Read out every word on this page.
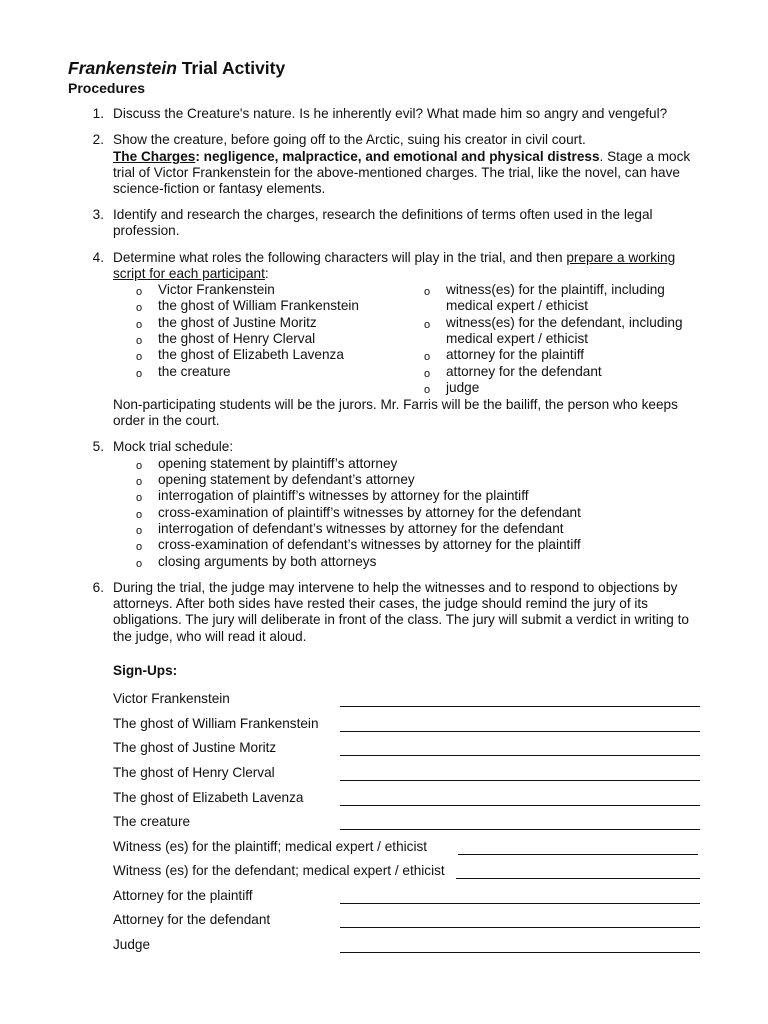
Frankenstein Trial Activity
Procedures
1. Discuss the Creature's nature. Is he inherently evil? What made him so angry and vengeful?
2. Show the creature, before going off to the Arctic, suing his creator in civil court.
The Charges: negligence, malpractice, and emotional and physical distress. Stage a mock
trial of Victor Frankenstein for the above-mentioned charges. The trial, like the novel, can have
science-fiction or fantasy elements.
3. Identify and research the charges, research the definitions of terms often used in the legal
profession.
4. Determine what roles the following characters will play in the trial, and then prepare a working
script for each participant:
o Victor Frankenstein
o the ghost of William Frankenstein
o the ghost of Justine Moritz
o the ghost of Henry Clerval
o the ghost of Elizabeth Lavenza
o the creature
o witness(es) for the plaintiff, including
medical expert / ethicist
o witness(es) for the defendant, including
medical expert / ethicist
o attorney for the plaintiff
o attorney for the defendant
o judge
Non-participating students will be the jurors. Mr. Farris will be the bailiff, the person who keeps
order in the court.
5. Mock trial schedule:
o opening statement by plaintiff’s attorney
o opening statement by defendant’s attorney
o interrogation of plaintiff’s witnesses by attorney for the plaintiff
o cross-examination of plaintiff’s witnesses by attorney for the defendant
o interrogation of defendant’s witnesses by attorney for the defendant
o cross-examination of defendant’s witnesses by attorney for the plaintiff
o closing arguments by both attorneys
6. During the trial, the judge may intervene to help the witnesses and to respond to objections by
attorneys. After both sides have rested their cases, the judge should remind the jury of its
obligations. The jury will deliberate in front of the class. The jury will submit a verdict in writing to
the judge, who will read it aloud.
Sign-Ups:
Victor Frankenstein
The ghost of William Frankenstein
The ghost of Justine Moritz
The ghost of Henry Clerval
The ghost of Elizabeth Lavenza
The creature
Witness (es) for the plaintiff; medical expert / ethicist
Witness (es) for the defendant; medical expert / ethicist
Attorney for the plaintiff
Attorney for the defendant
Judge
